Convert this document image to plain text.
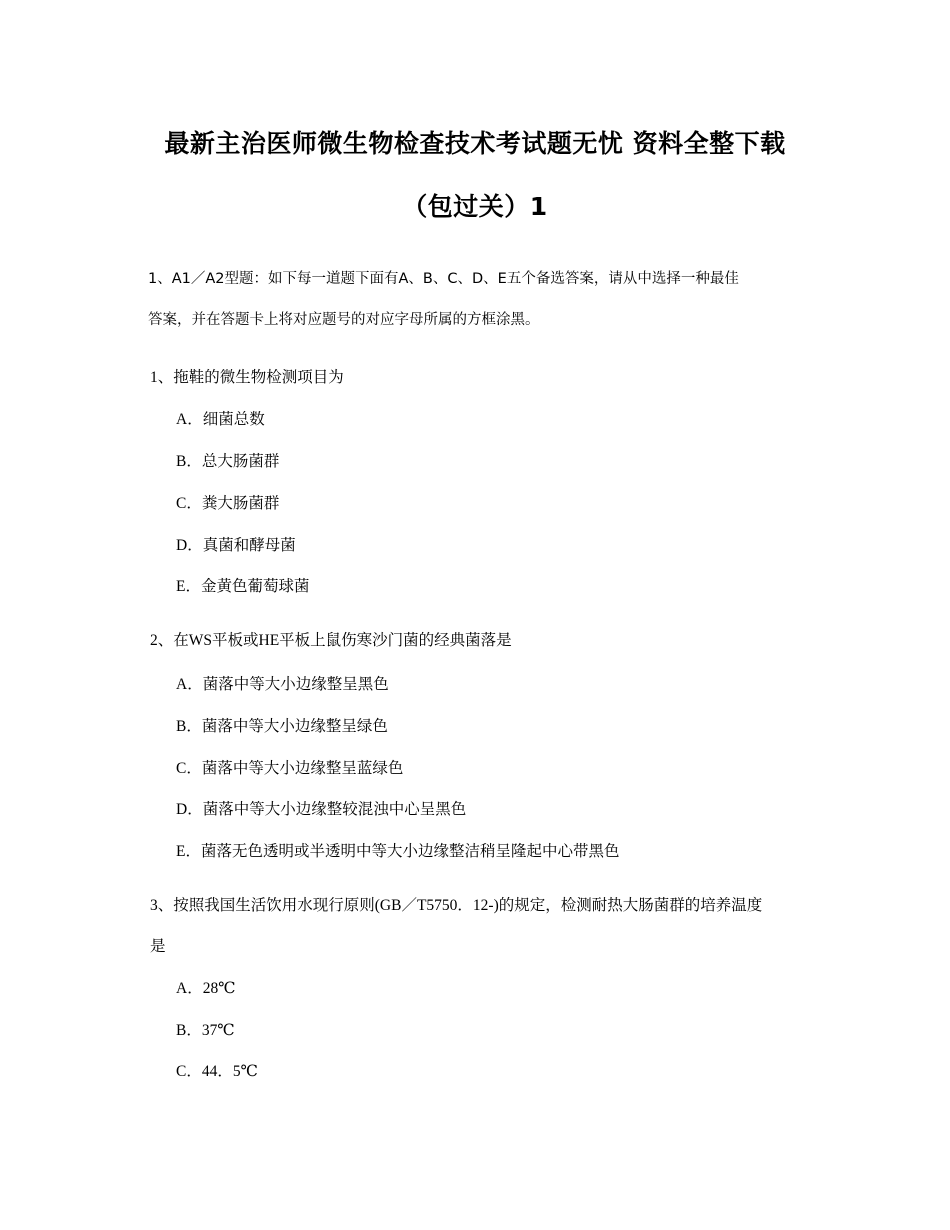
最新主治医师微生物检查技术考试题无忧 资料全整下载
（包过关）1
1、A1／A2型题：如下每一道题下面有A、B、C、D、E五个备选答案，请从中选择一种最佳
答案，并在答题卡上将对应题号的对应字母所属的方框涂黑。
1、拖鞋的微生物检测项目为
A．细菌总数
B．总大肠菌群
C．粪大肠菌群
D．真菌和酵母菌
E．金黄色葡萄球菌
2、在WS平板或HE平板上鼠伤寒沙门菌的经典菌落是
A．菌落中等大小边缘整呈黑色
B．菌落中等大小边缘整呈绿色
C．菌落中等大小边缘整呈蓝绿色
D．菌落中等大小边缘整较混浊中心呈黑色
E．菌落无色透明或半透明中等大小边缘整洁稍呈隆起中心带黑色
3、按照我国生活饮用水现行原则(GB／T5750．12-)的规定，检测耐热大肠菌群的培养温度
是
A．28℃
B．37℃
C．44．5℃
